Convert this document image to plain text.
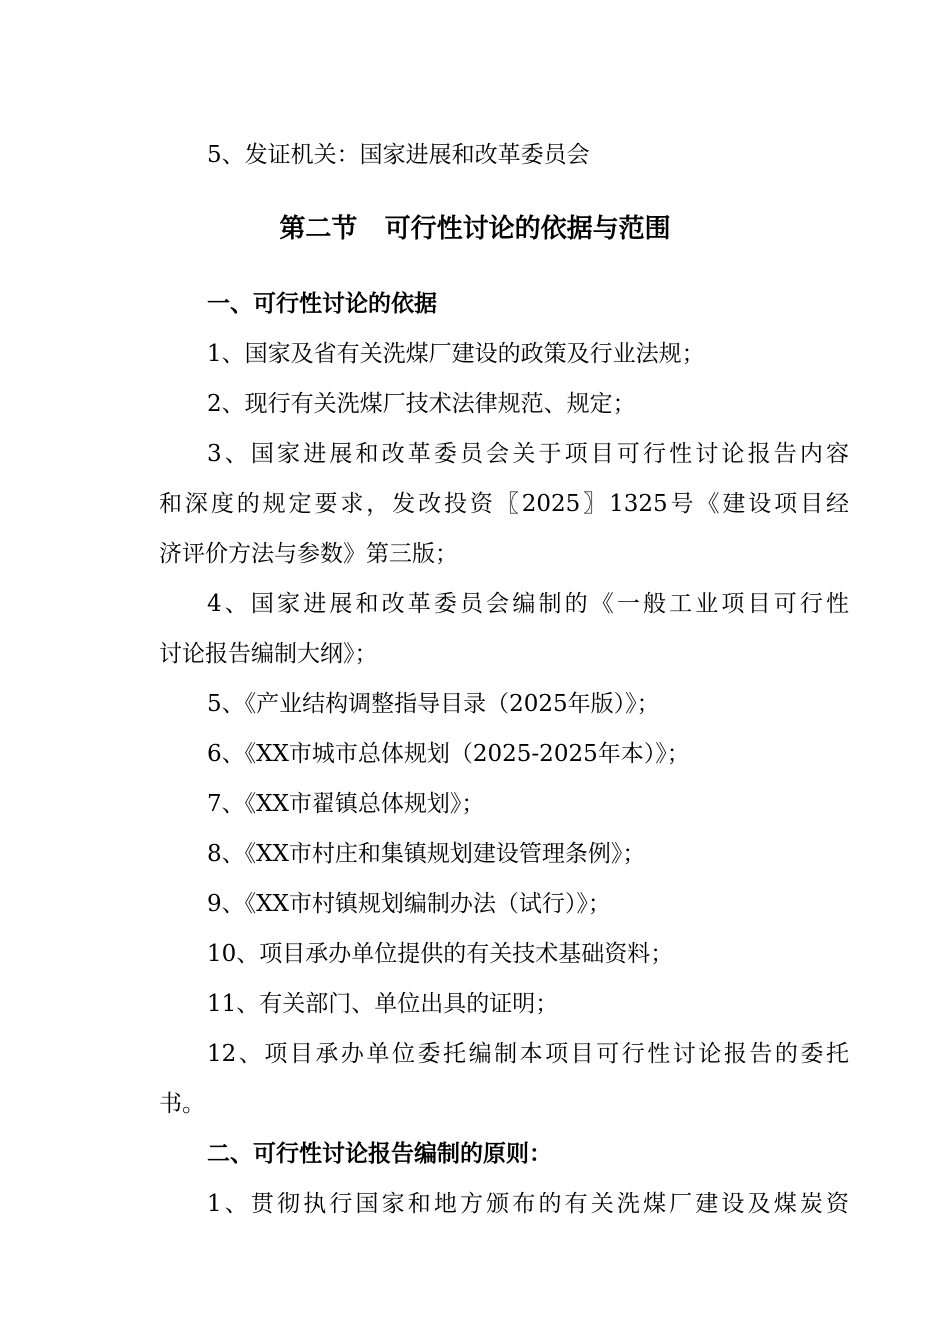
5、发证机关：国家进展和改革委员会
第二节   可行性讨论的依据与范围
一、可行性讨论的依据
1、国家及省有关洗煤厂建设的政策及行业法规；
2、现行有关洗煤厂技术法律规范、规定；
3、国家进展和改革委员会关于项目可行性讨论报告内容
和深度的规定要求，发改投资〖2025〗1325号《建设项目经
济评价方法与参数》第三版；
4、国家进展和改革委员会编制的《一般工业项目可行性
讨论报告编制大纲》；
5、《产业结构调整指导目录（2025年版）》；
6、《XX市城市总体规划（2025-2025年本）》；
7、《XX市翟镇总体规划》；
8、《XX市村庄和集镇规划建设管理条例》；
9、《XX市村镇规划编制办法（试行）》；
10、项目承办单位提供的有关技术基础资料；
11、有关部门、单位出具的证明；
12、项目承办单位委托编制本项目可行性讨论报告的委托
书。
二、可行性讨论报告编制的原则：
1、贯彻执行国家和地方颁布的有关洗煤厂建设及煤炭资
